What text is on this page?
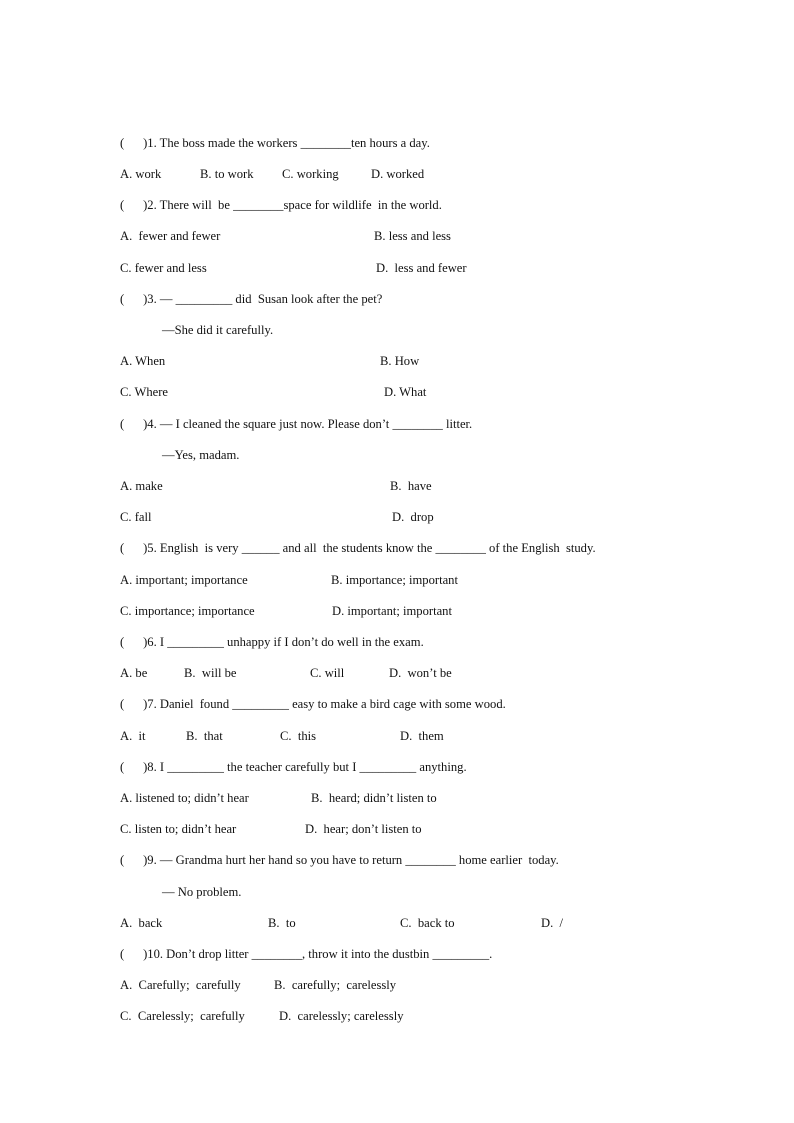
(      )1. The boss made the workers ________ten hours a day.
A. work	B. to work C. working	D. worked
(      )2. There will  be ________space for wildlife  in the world.
A.  fewer and fewer	B. less and less
C. fewer and less	D.  less and fewer
(      )3. — _________ did  Susan look after the pet?
—She did it carefully.
A. When	B. How
C. Where	D. What
(      )4. — I cleaned the square just now. Please don’t ________ litter.
—Yes, madam.
A. make	B.  have
C. fall	D.  drop
(      )5. English  is very ______ and all  the students know the ________ of the English  study.
A. important; importance	B. importance; important
C. importance; importance	D. important; important
(      )6. I _________ unhappy if I don’t do well in the exam.
A. be	B.  will be	C. will	D.  won’t be
(      )7. Daniel  found _________ easy to make a bird cage with some wood.
A.  it	B.  that	C.  this	D.  them
(      )8. I _________ the teacher carefully but I _________ anything.
A. listened to; didn’t hear	B.  heard; didn’t listen to
C. listen to; didn’t hear	D.  hear; don’t listen to
(      )9. — Grandma hurt her hand so you have to return ________ home earlier  today.
— No problem.
A.  back	B.  to	C.  back to	D.  /
(      )10. Don’t drop litter ________, throw it into the dustbin _________.
A.  Carefully;  carefully	B.  carefully;  carelessly
C.  Carelessly;  carefully	D.  carelessly; carelessly
